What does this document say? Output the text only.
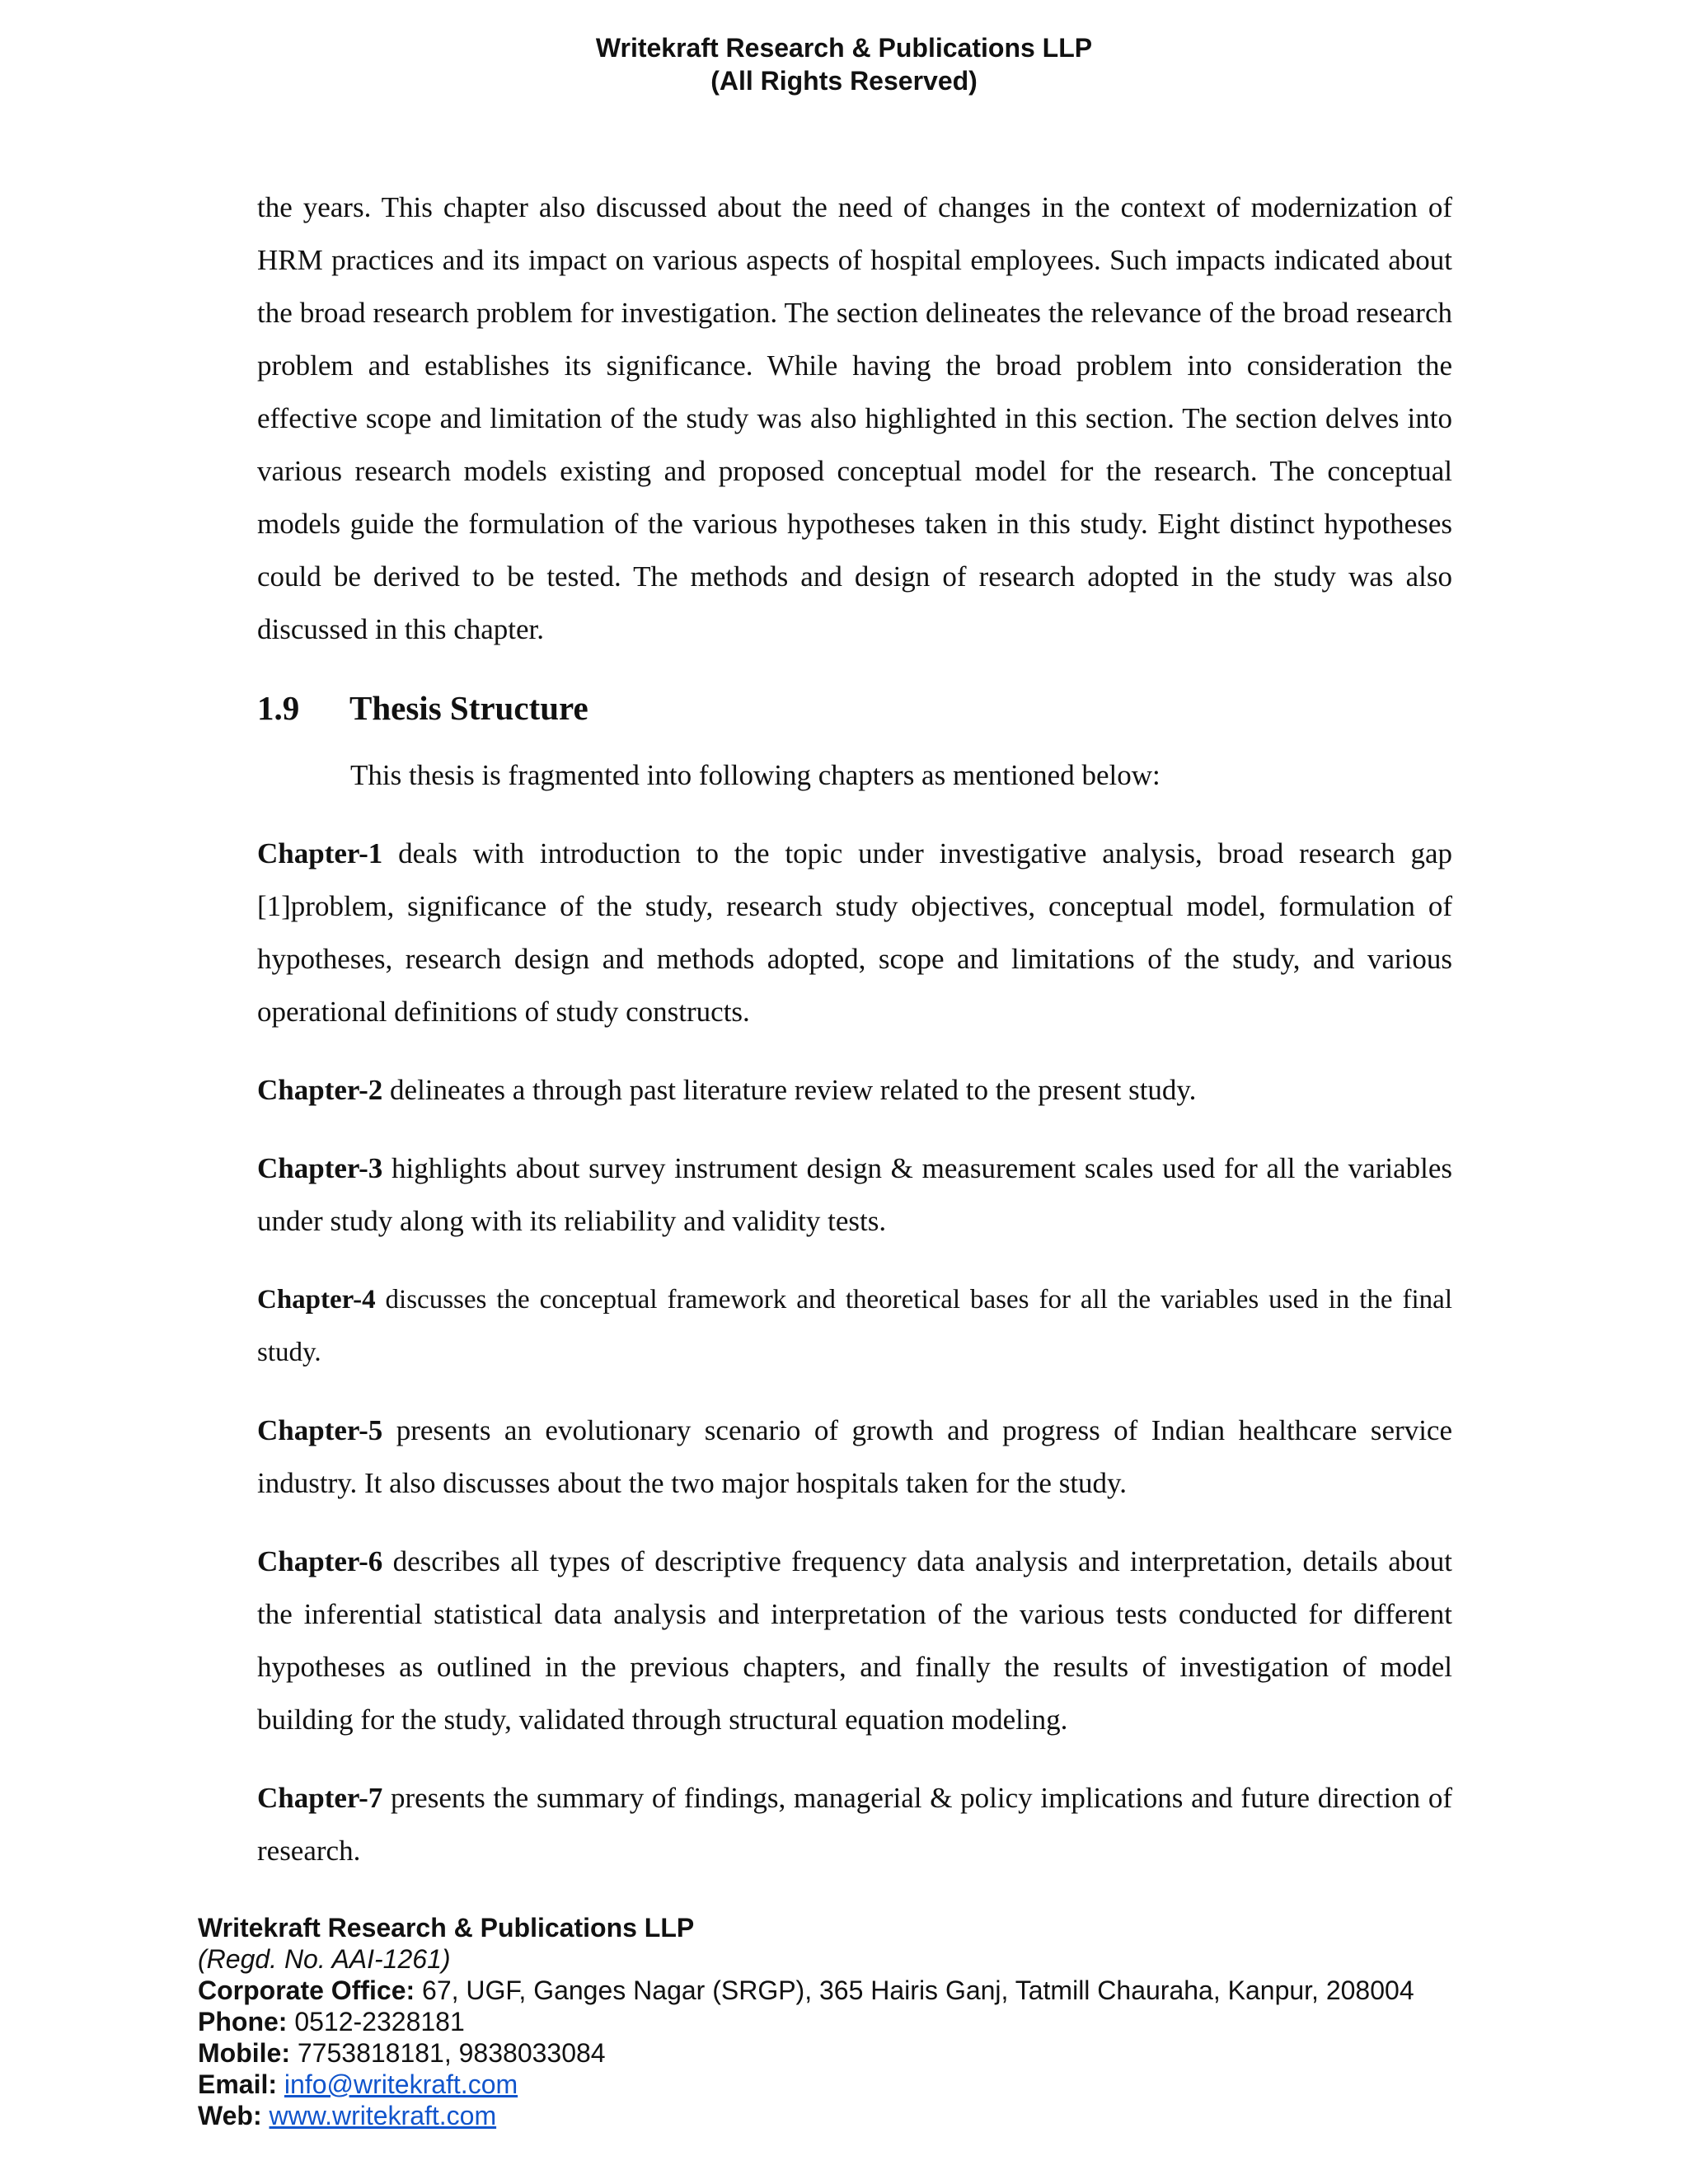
Writekraft Research & Publications LLP
(All Rights Reserved)

the years. This chapter also discussed about the need of changes in the context of modernization of HRM practices and its impact on various aspects of hospital employees. Such impacts indicated about the broad research problem for investigation. The section delineates the relevance of the broad research problem and establishes its significance. While having the broad problem into consideration the effective scope and limitation of the study was also highlighted in this section. The section delves into various research models existing and proposed conceptual model for the research. The conceptual models guide the formulation of the various hypotheses taken in this study. Eight distinct hypotheses could be derived to be tested. The methods and design of research adopted in the study was also discussed in this chapter.

1.9 Thesis Structure

This thesis is fragmented into following chapters as mentioned below:

Chapter-1 deals with introduction to the topic under investigative analysis, broad research gap [1]problem, significance of the study, research study objectives, conceptual model, formulation of hypotheses, research design and methods adopted, scope and limitations of the study, and various operational definitions of study constructs.

Chapter-2 delineates a through past literature review related to the present study.

Chapter-3 highlights about survey instrument design & measurement scales used for all the variables under study along with its reliability and validity tests.

Chapter-4 discusses the conceptual framework and theoretical bases for all the variables used in the final study.

Chapter-5 presents an evolutionary scenario of growth and progress of Indian healthcare service industry. It also discusses about the two major hospitals taken for the study.

Chapter-6 describes all types of descriptive frequency data analysis and interpretation, details about the inferential statistical data analysis and interpretation of the various tests conducted for different hypotheses as outlined in the previous chapters, and finally the results of investigation of model building for the study, validated through structural equation modeling.

Chapter-7 presents the summary of findings, managerial & policy implications and future direction of research.

Writekraft Research & Publications LLP
(Regd. No. AAI-1261)
Corporate Office: 67, UGF, Ganges Nagar (SRGP), 365 Hairis Ganj, Tatmill Chauraha, Kanpur, 208004
Phone: 0512-2328181
Mobile: 7753818181, 9838033084
Email: info@writekraft.com
Web: www.writekraft.com
